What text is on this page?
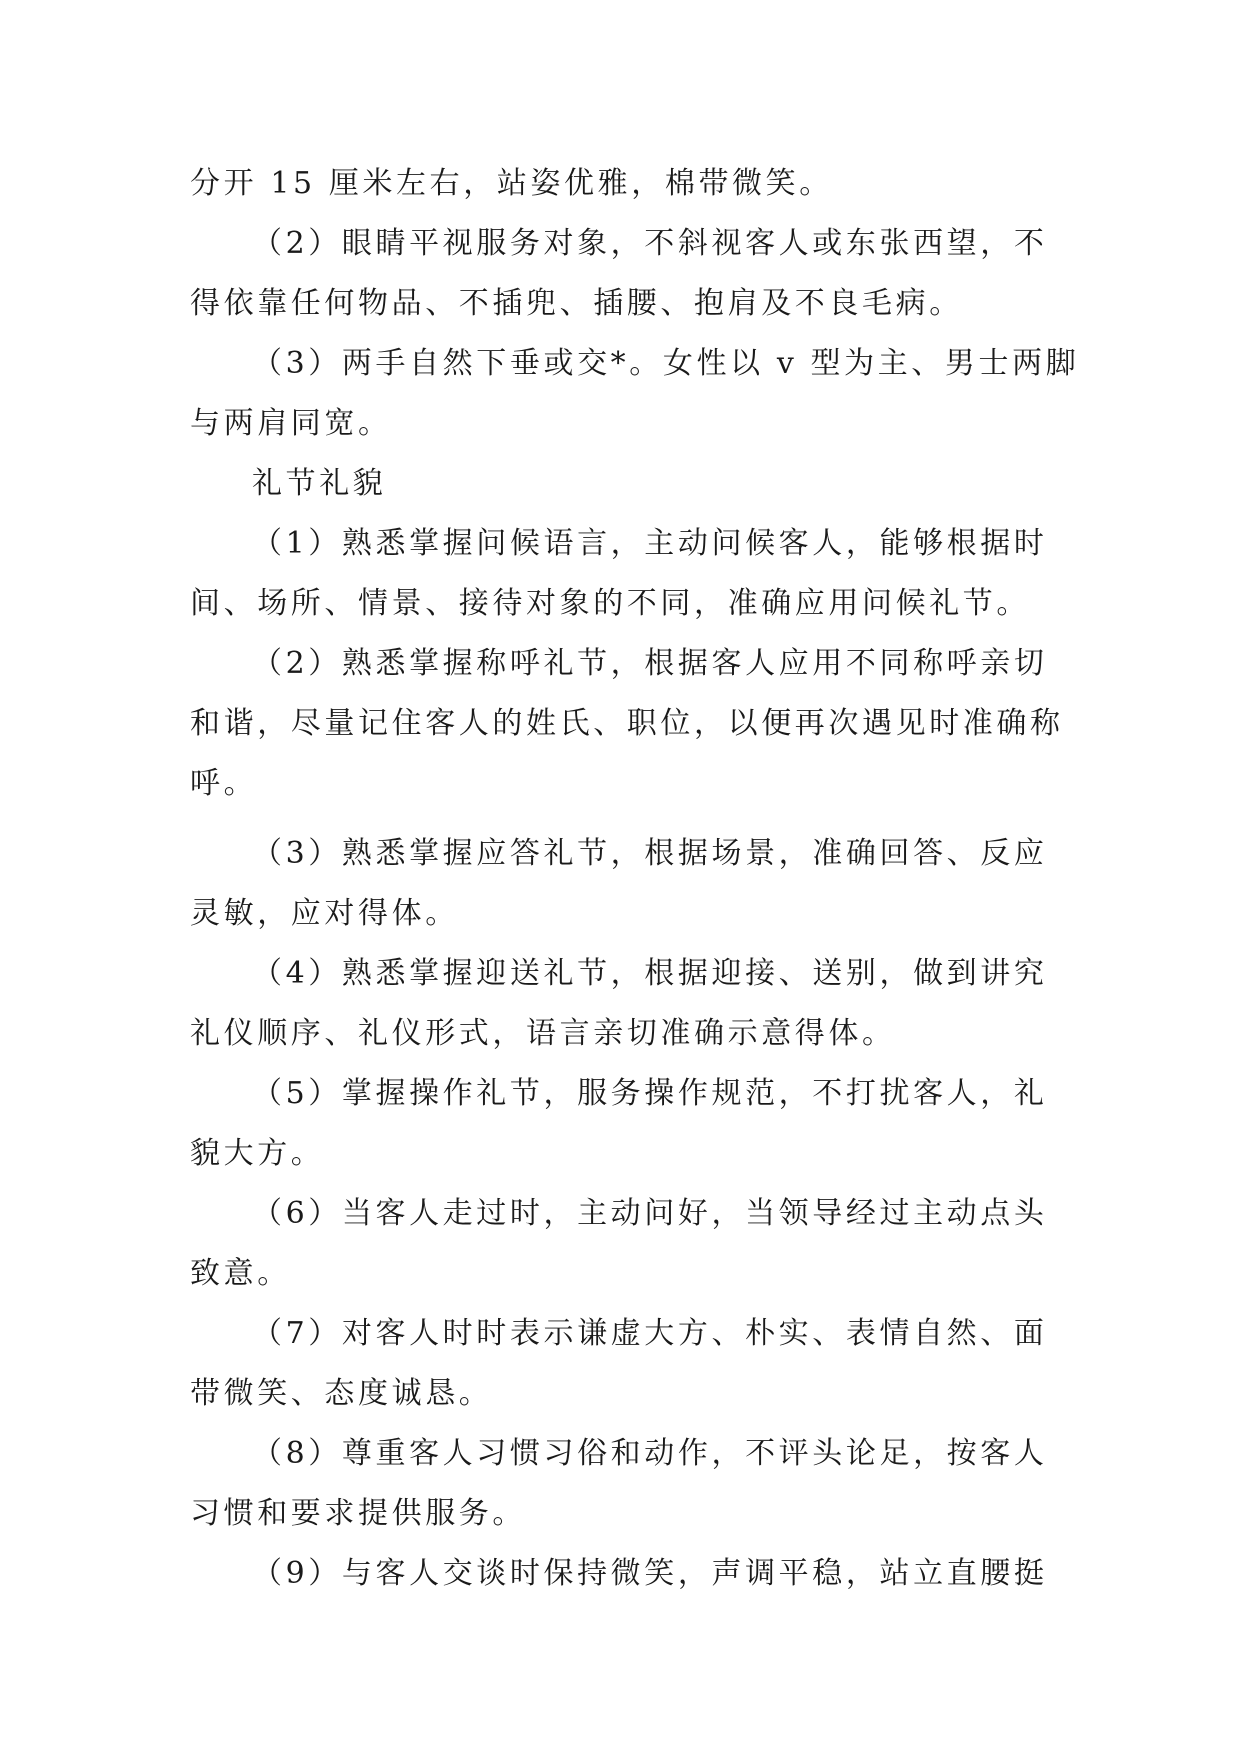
分开 15 厘米左右，站姿优雅，棉带微笑。
（2）眼睛平视服务对象，不斜视客人或东张西望，不
得依靠任何物品、不插兜、插腰、抱肩及不良毛病。
（3）两手自然下垂或交*。女性以 v 型为主、男士两脚
与两肩同宽。
礼节礼貌
（1）熟悉掌握问候语言，主动问候客人，能够根据时
间、场所、情景、接待对象的不同，准确应用问候礼节。
（2）熟悉掌握称呼礼节，根据客人应用不同称呼亲切
和谐，尽量记住客人的姓氏、职位，以便再次遇见时准确称
呼。
（3）熟悉掌握应答礼节，根据场景，准确回答、反应
灵敏，应对得体。
（4）熟悉掌握迎送礼节，根据迎接、送别，做到讲究
礼仪顺序、礼仪形式，语言亲切准确示意得体。
（5）掌握操作礼节，服务操作规范，不打扰客人，礼
貌大方。
（6）当客人走过时，主动问好，当领导经过主动点头
致意。
（7）对客人时时表示谦虚大方、朴实、表情自然、面
带微笑、态度诚恳。
（8）尊重客人习惯习俗和动作，不评头论足，按客人
习惯和要求提供服务。
（9）与客人交谈时保持微笑，声调平稳，站立直腰挺
